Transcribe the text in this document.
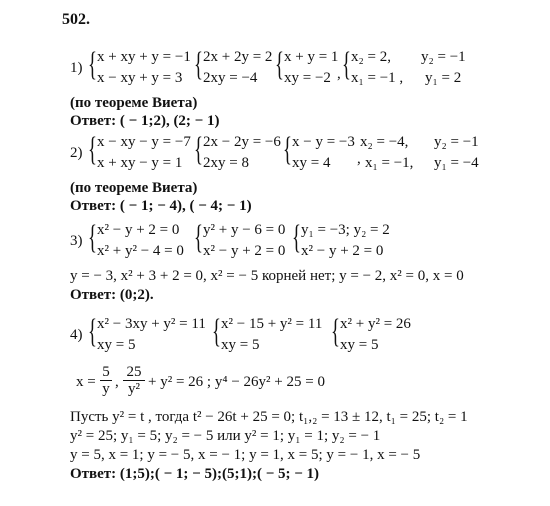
502.
1) { x + xy + y = −1
x − xy + y = 3 { 2x + 2y = 2
2xy = −4 { x + y = 1
xy = −2 , { x₂ = 2,
x₁ = −1 ,
y₂ = −1
y₁ = 2
(по теореме Виета)
Ответ: ( − 1;2), (2; − 1)
2) { x − xy − y = −7
x + xy − y = 1 { 2x − 2y = −6
2xy = 8 { x − y = −3
xy = 4 ,
x₂ = −4, y₂ = −1
x₁ = −1, y₁ = −4
(по теореме Виета)
Ответ: ( − 1; − 4), ( − 4; − 1)
3) { x² − y + 2 = 0
x² + y² − 4 = 0 { y² + y − 6 = 0
x² − y + 2 = 0 { y₁ = −3; y₂ = 2
x² − y + 2 = 0
y = − 3, x² + 3 + 2 = 0, x² = − 5 корней нет; y = − 2, x² = 0, x = 0
Ответ: (0;2).
4) { x² − 3xy + y² = 11
xy = 5 { x² − 15 + y² = 11
xy = 5 { x² + y² = 26
xy = 5
x =
5
y ,
25
y² + y² = 26 ; y⁴ − 26y² + 25 = 0
Пусть y² = t , тогда t² − 26t + 25 = 0; t₁,₂ = 13 ± 12, t₁ = 25; t₂ = 1
y² = 25; y₁ = 5; y₂ = − 5 или y² = 1; y₁ = 1; y₂ = − 1
y = 5, x = 1; y = − 5, x = − 1; y = 1, x = 5; y = − 1, x = − 5
Ответ: (1;5);( − 1; − 5);(5;1);( − 5; − 1)
